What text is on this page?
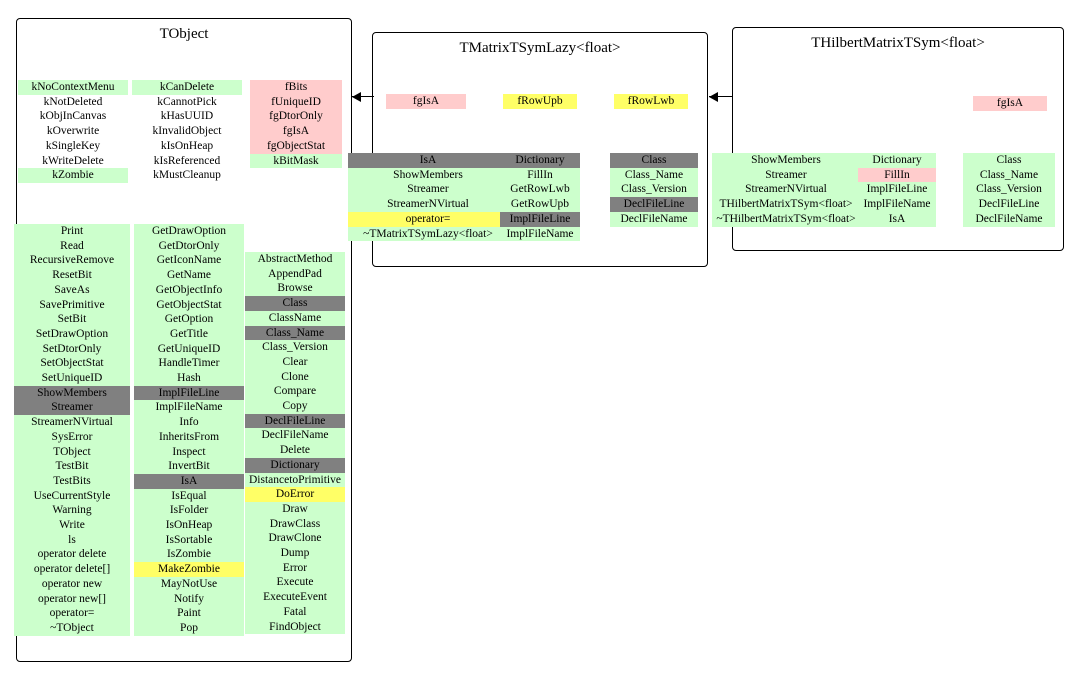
TObject
kNoContextMenu
kNotDeleted
kObjInCanvas
kOverwrite
kSingleKey
kWriteDelete
kZombie
kCanDelete
kCannotPick
kHasUUID
kInvalidObject
kIsOnHeap
kIsReferenced
kMustCleanup
fBits
fUniqueID
fgDtorOnly
fgIsA
fgObjectStat
kBitMask
Print
Read
RecursiveRemove
ResetBit
SaveAs
SavePrimitive
SetBit
SetDrawOption
SetDtorOnly
SetObjectStat
SetUniqueID
ShowMembers
Streamer
StreamerNVirtual
SysError
TObject
TestBit
TestBits
UseCurrentStyle
Warning
Write
ls
operator delete
operator delete[]
operator new
operator new[]
operator=
~TObject
GetDrawOption
GetDtorOnly
GetIconName
GetName
GetObjectInfo
GetObjectStat
GetOption
GetTitle
GetUniqueID
HandleTimer
Hash
ImplFileLine
ImplFileName
Info
InheritsFrom
Inspect
InvertBit
IsA
IsEqual
IsFolder
IsOnHeap
IsSortable
IsZombie
MakeZombie
MayNotUse
Notify
Paint
Pop
AbstractMethod
AppendPad
Browse
Class
ClassName
Class_Name
Class_Version
Clear
Clone
Compare
Copy
DeclFileLine
DeclFileName
Delete
Dictionary
DistancetoPrimitive
DoError
Draw
DrawClass
DrawClone
Dump
Error
Execute
ExecuteEvent
Fatal
FindObject
TMatrixTSymLazy<float>
fgIsA	fRowUpb	fRowLwb
IsA
ShowMembers
Streamer
StreamerNVirtual
operator=
~TMatrixTSymLazy<float>
Dictionary
FillIn
GetRowLwb
GetRowUpb
ImplFileLine
ImplFileName
Class
Class_Name
Class_Version
DeclFileLine
DeclFileName
THilbertMatrixTSym<float>
fgIsA
ShowMembers
Streamer
StreamerNVirtual
THilbertMatrixTSym<float>
~THilbertMatrixTSym<float>
Dictionary
FillIn
ImplFileLine
ImplFileName
IsA
Class
Class_Name
Class_Version
DeclFileLine
DeclFileName
